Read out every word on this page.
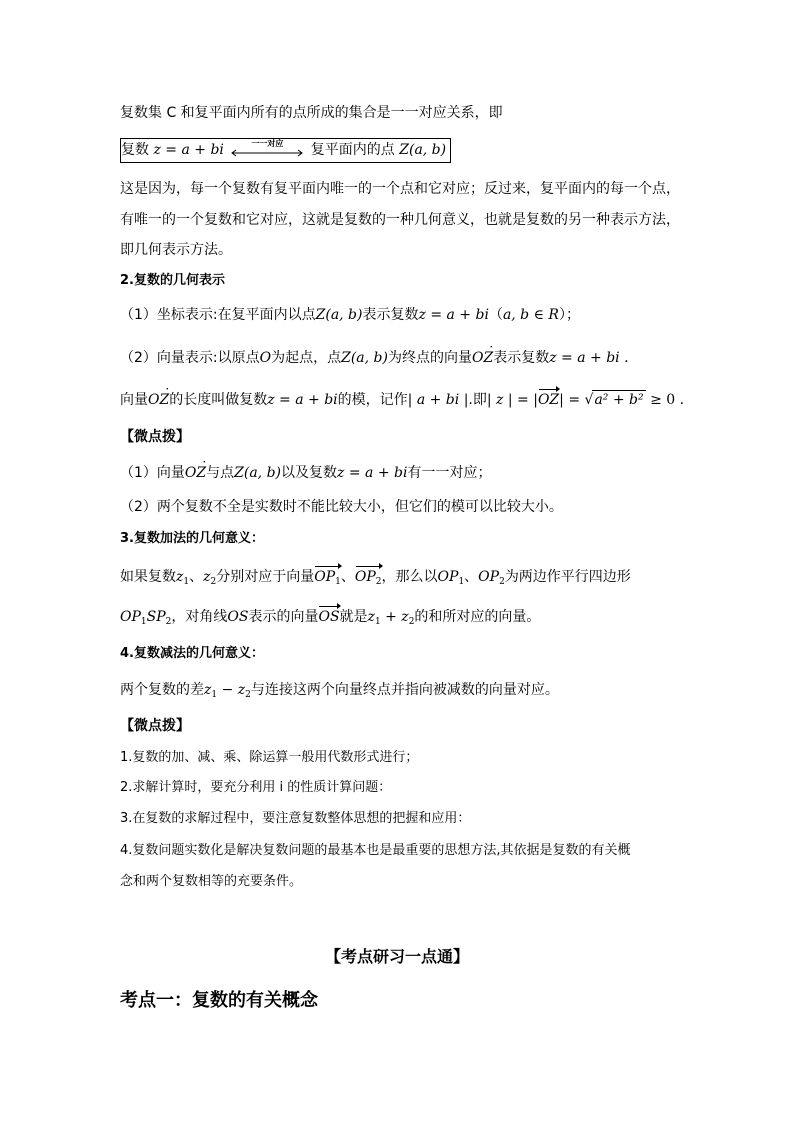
复数集 C 和复平面内所有的点所成的集合是一一对应关系，即
复数 z = a + bi	一一对应	复平面内的点 Z(a, b)
这是因为，每一个复数有复平面内唯一的一个点和它对应；反过来，复平面内的每一个点，
有唯一的一个复数和它对应，这就是复数的一种几何意义，也就是复数的另一种表示方法，
即几何表示方法。
2.复数的几何表示
（1）坐标表示:在复平面内以点Z(a, b)表示复数z = a + bi（a, b ∈ R）；
（2）向量表示:以原点O为起点，点Z(a, b)为终点的向量· OZ表示复数z = a + bi .
向量· OZ的长度叫做复数z = a + bi的模，记作| a + bi |.即| z | = |OZ| = √a² + b² ≥ 0 .
【微点拨】
（1）向量· OZ与点Z(a, b)以及复数z = a + bi有一一对应；
（2）两个复数不全是实数时不能比较大小，但它们的模可以比较大小。
3.复数加法的几何意义：
如果复数$z_1$、$z_2$分别对应于向量$OP_1$、$OP_2$，那么以$OP_1$、$OP_2$为两边作平行四边形
$OP_1SP_2$，对角线OS表示的向量OS就是$z_1 + z_2$的和所对应的向量。
4.复数减法的几何意义：
两个复数的差$z_1 - z_2$与连接这两个向量终点并指向被减数的向量对应。
【微点拨】
1.复数的加、减、乘、除运算一般用代数形式进行；
2.求解计算时，要充分利用 i 的性质计算问题：
3.在复数的求解过程中，要注意复数整体思想的把握和应用：
4.复数问题实数化是解决复数问题的最基本也是最重要的思想方法,其依据是复数的有关概
念和两个复数相等的充要条件。
【考点研习一点通】
考点一：复数的有关概念
